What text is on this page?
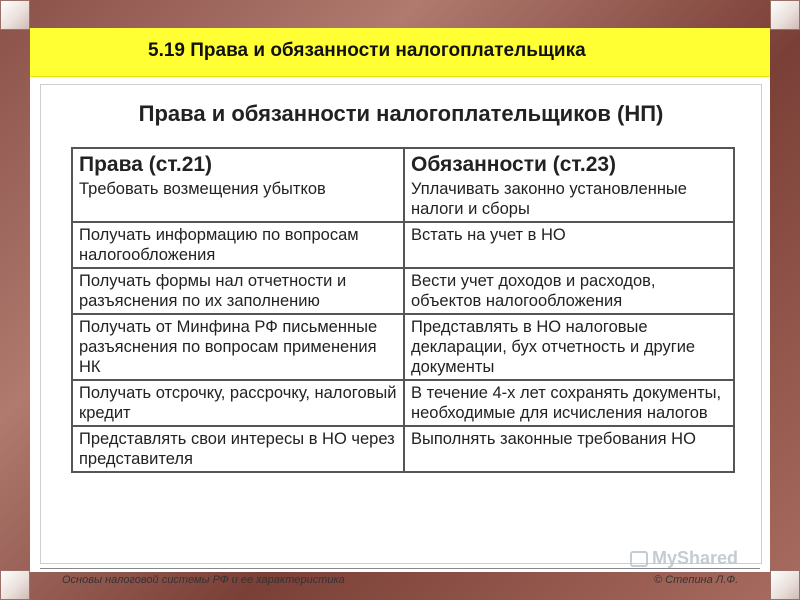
5.19 Права и обязанности налогоплательщика
Права и обязанности налогоплательщиков (НП)
Права (ст.21)	Обязанности (ст.23)
Требовать возмещения убытков	Уплачивать законно установленные налоги и сборы
Получать информацию по вопросам налогообложения	Встать на учет в НО
Получать формы нал отчетности и разъяснения по их заполнению	Вести учет доходов и расходов, объектов налогообложения
Получать от Минфина РФ письменные разъяснения по вопросам применения НК	Представлять в НО налоговые декларации, бух отчетность и другие документы
Получать отсрочку, рассрочку, налоговый кредит	В течение 4-х лет сохранять документы, необходимые для исчисления налогов
Представлять свои интересы в НО через представителя	Выполнять законные требования НО
MyShared
Основы налоговой системы РФ и ее характеристика	© Степина Л.Ф.
